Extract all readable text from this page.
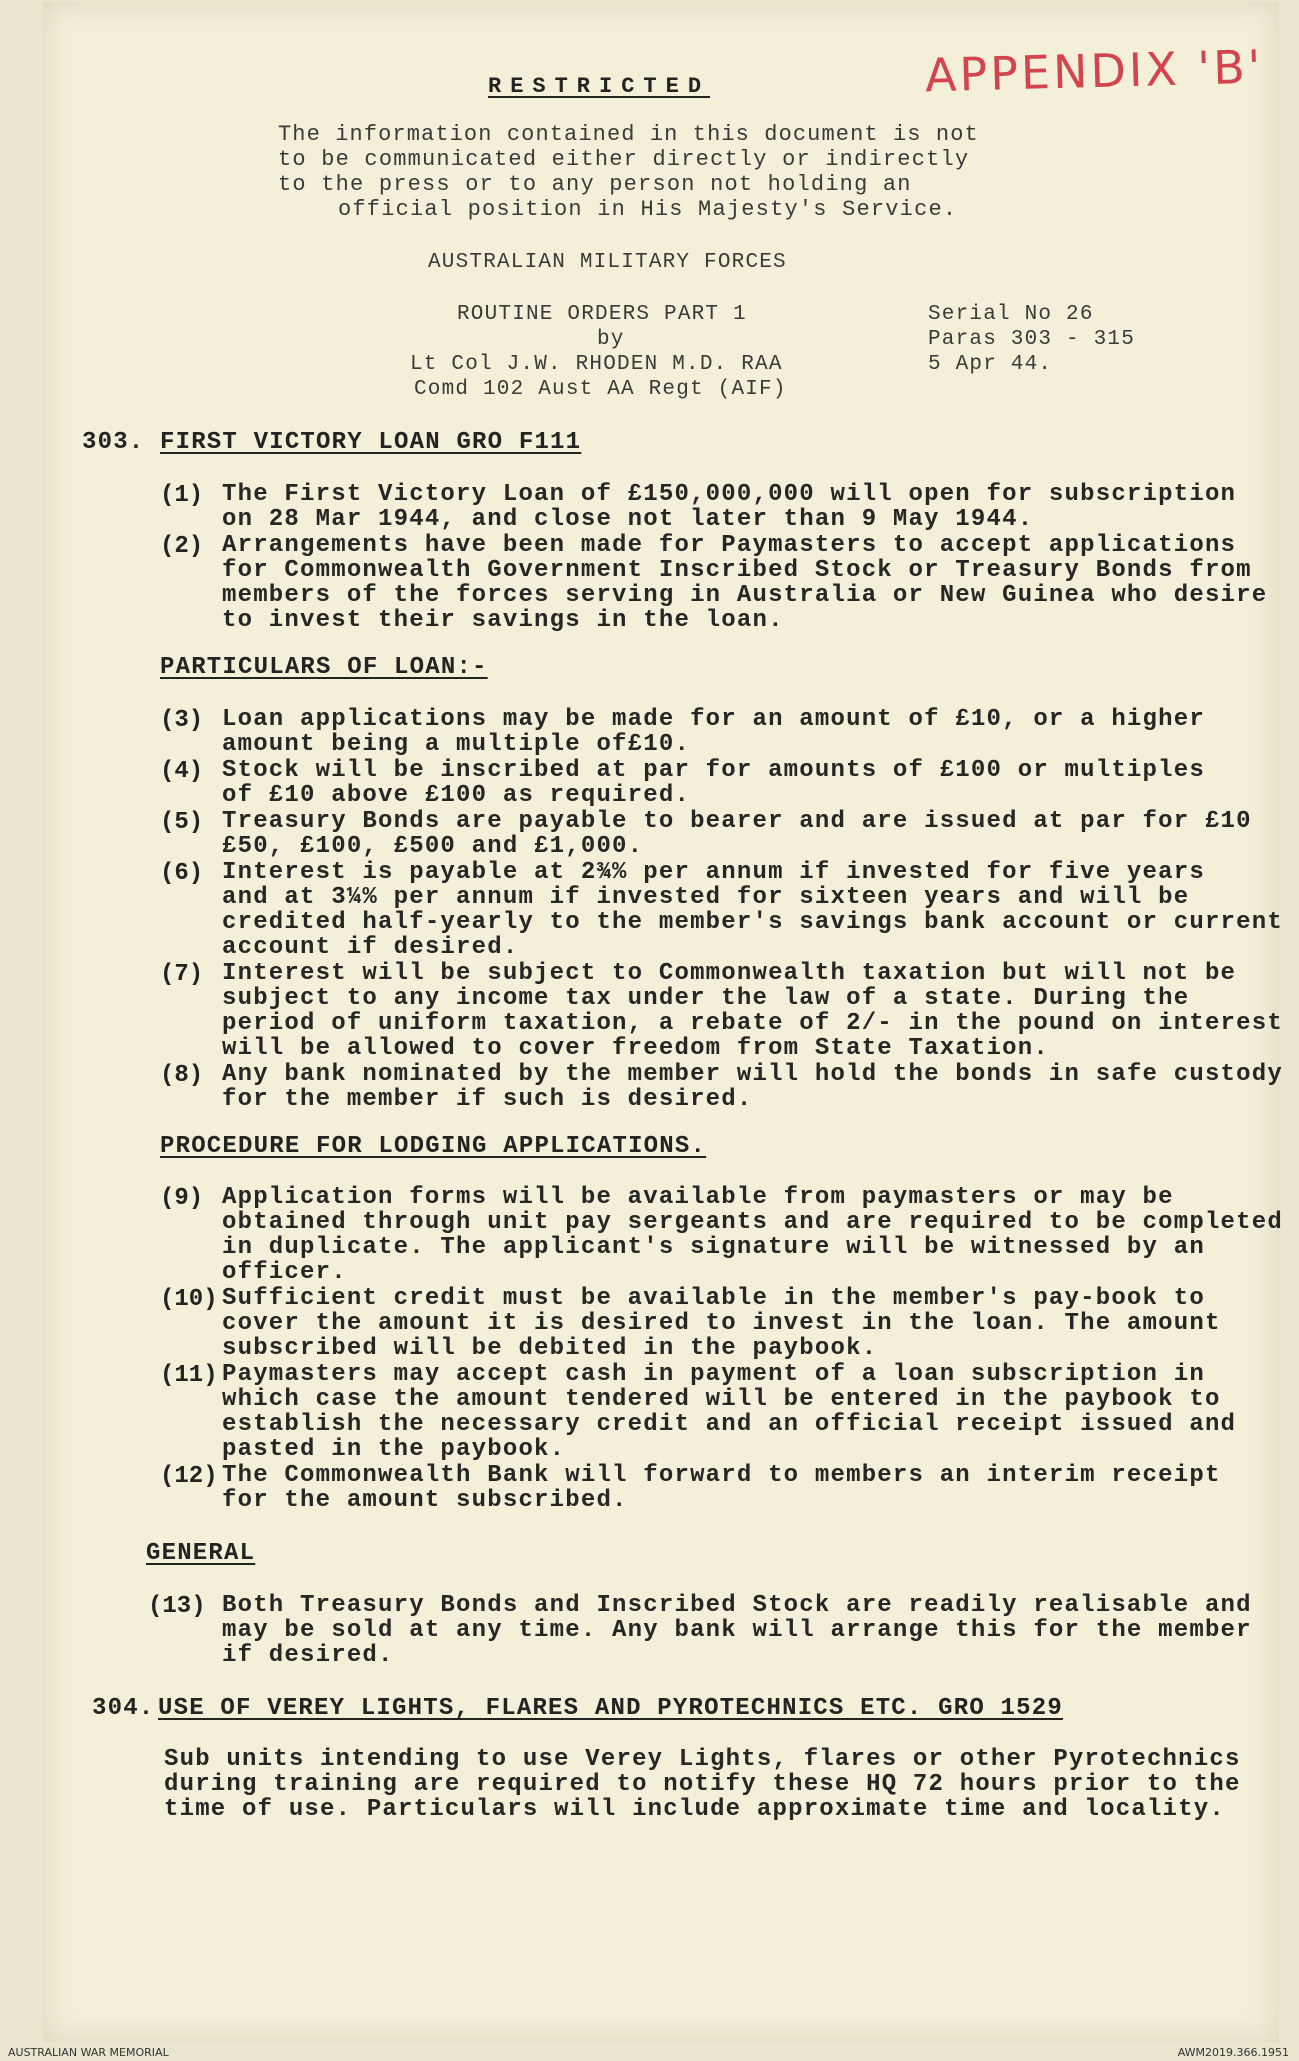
APPENDIX 'B'
RESTRICTED
The information contained in this document is not
to be communicated either directly or indirectly
to the press or to any person not holding an
official position in His Majesty's Service.
AUSTRALIAN MILITARY FORCES
ROUTINE ORDERS PART 1
by
Lt Col J.W. RHODEN M.D. RAA
Comd 102 Aust AA Regt (AIF)
Serial No 26
Paras 303 - 315
5 Apr 44.
303. FIRST VICTORY LOAN GRO F111
(1) The First Victory Loan of £150,000,000 will open for subscription
on 28 Mar 1944, and close not later than 9 May 1944.
(2) Arrangements have been made for Paymasters to accept applications
for Commonwealth Government Inscribed Stock or Treasury Bonds from
members of the forces serving in Australia or New Guinea who desire
to invest their savings in the loan.
PARTICULARS OF LOAN:-
(3) Loan applications may be made for an amount of £10, or a higher
amount being a multiple of£10.
(4) Stock will be inscribed at par for amounts of £100 or multiples
of £10 above £100 as required.
(5) Treasury Bonds are payable to bearer and are issued at par for £10
£50, £100, £500 and £1,000.
(6) Interest is payable at 2¾% per annum if invested for five years
and at 3¼% per annum if invested for sixteen years and will be
credited half-yearly to the member's savings bank account or current
account if desired.
(7) Interest will be subject to Commonwealth taxation but will not be
subject to any income tax under the law of a state. During the
period of uniform taxation, a rebate of 2/- in the pound on interest
will be allowed to cover freedom from State Taxation.
(8) Any bank nominated by the member will hold the bonds in safe custody
for the member if such is desired.
PROCEDURE FOR LODGING APPLICATIONS.
(9) Application forms will be available from paymasters or may be
obtained through unit pay sergeants and are required to be completed
in duplicate. The applicant's signature will be witnessed by an
officer.
(10) Sufficient credit must be available in the member's pay-book to
cover the amount it is desired to invest in the loan. The amount
subscribed will be debited in the paybook.
(11) Paymasters may accept cash in payment of a loan subscription in
which case the amount tendered will be entered in the paybook to
establish the necessary credit and an official receipt issued and
pasted in the paybook.
(12) The Commonwealth Bank will forward to members an interim receipt
for the amount subscribed.
GENERAL
(13) Both Treasury Bonds and Inscribed Stock are readily realisable and
may be sold at any time. Any bank will arrange this for the member
if desired.
304. USE OF VEREY LIGHTS, FLARES AND PYROTECHNICS ETC. GRO 1529
Sub units intending to use Verey Lights, flares or other Pyrotechnics
during training are required to notify these HQ 72 hours prior to the
time of use. Particulars will include approximate time and locality.
AUSTRALIAN WAR MEMORIAL	AWM2019.366.1951
